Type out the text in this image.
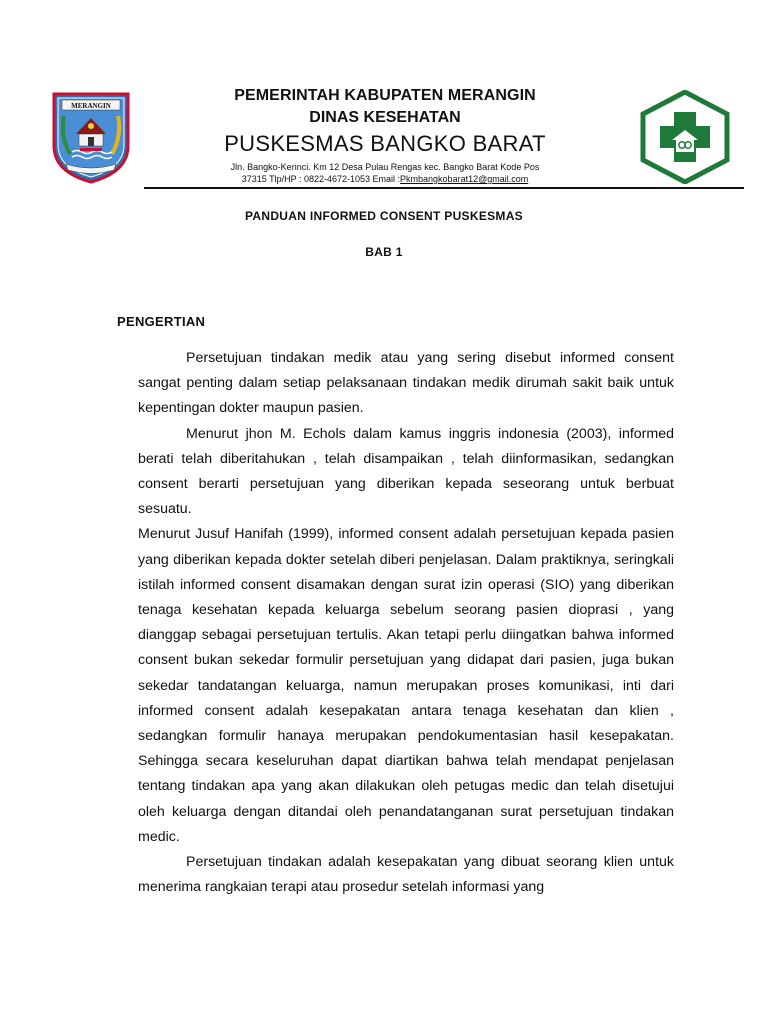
MERANGIN
PEMERINTAH KABUPATEN MERANGIN
DINAS KESEHATAN
PUSKESMAS BANGKO BARAT
Jln. Bangko-Kerinci. Km 12 Desa Pulau Rengas kec. Bangko Barat Kode Pos
37315 Tlp/HP : 0822-4672-1053 Email :Pkmbangkobarat12@gmail.com
PANDUAN INFORMED CONSENT PUSKESMAS
BAB 1
PENGERTIAN

Persetujuan tindakan medik atau yang sering disebut informed consent sangat penting dalam setiap pelaksanaan tindakan medik dirumah sakit baik untuk kepentingan dokter maupun pasien.

Menurut jhon M. Echols dalam kamus inggris indonesia (2003), informed berati telah diberitahukan , telah disampaikan , telah diinformasikan, sedangkan consent berarti persetujuan yang diberikan kepada seseorang untuk berbuat sesuatu.

Menurut Jusuf Hanifah (1999), informed consent adalah persetujuan kepada pasien yang diberikan kepada dokter setelah diberi penjelasan. Dalam praktiknya, seringkali istilah informed consent disamakan dengan surat izin operasi (SIO) yang diberikan tenaga kesehatan kepada keluarga sebelum seorang pasien dioprasi , yang dianggap sebagai persetujuan tertulis. Akan tetapi perlu diingatkan bahwa informed consent bukan sekedar formulir persetujuan yang didapat dari pasien, juga bukan sekedar tandatangan keluarga, namun merupakan proses komunikasi, inti dari informed consent adalah kesepakatan antara tenaga kesehatan dan klien , sedangkan formulir hanaya merupakan pendokumentasian hasil kesepakatan. Sehingga secara keseluruhan dapat diartikan bahwa telah mendapat penjelasan tentang tindakan apa yang akan dilakukan oleh petugas medic dan telah disetujui oleh keluarga dengan ditandai oleh penandatanganan surat persetujuan tindakan medic.

Persetujuan tindakan adalah kesepakatan yang dibuat seorang klien untuk menerima rangkaian terapi atau prosedur setelah informasi yang
